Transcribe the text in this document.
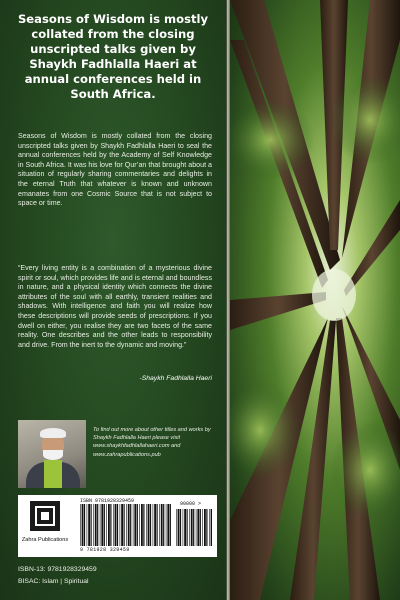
Seasons of Wisdom is mostly collated from the closing unscripted talks given by Shaykh Fadhlalla Haeri at annual conferences held in South Africa.
Seasons of Wisdom is mostly collated from the closing unscripted talks given by Shaykh Fadhlalla Haeri to seal the annual conferences held by the Academy of Self Knowledge in South Africa. It was his love for Qur’an that brought about a situation of regularly sharing commentaries and delights in the eternal Truth that whatever is known and unknown emanates from one Cosmic Source that is not subject to space or time.
“Every living entity is a combination of a mysterious divine spirit or soul, which provides life and is eternal and boundless in nature, and a physical identity which connects the divine attributes of the soul with all earthly, transient realities and shadows. With intelligence and faith you will realize how these descriptions will provide seeds of prescriptions. If you dwell on either, you realise they are two facets of the same reality. One describes and the other leads to responsibility and drive. From the inert to the dynamic and moving.”
-Shaykh Fadhlalla Haeri
To find out more about other titles and works by Shaykh Fadhlalla Haeri please visit www.shaykhfadhlallahaeri.com and www.zahrapublications.pub
Zahra Publications
ISBN 9781928329459	90000 >
9 781928 329459
ISBN-13: 9781928329459
BISAC: Islam | Spiritual
